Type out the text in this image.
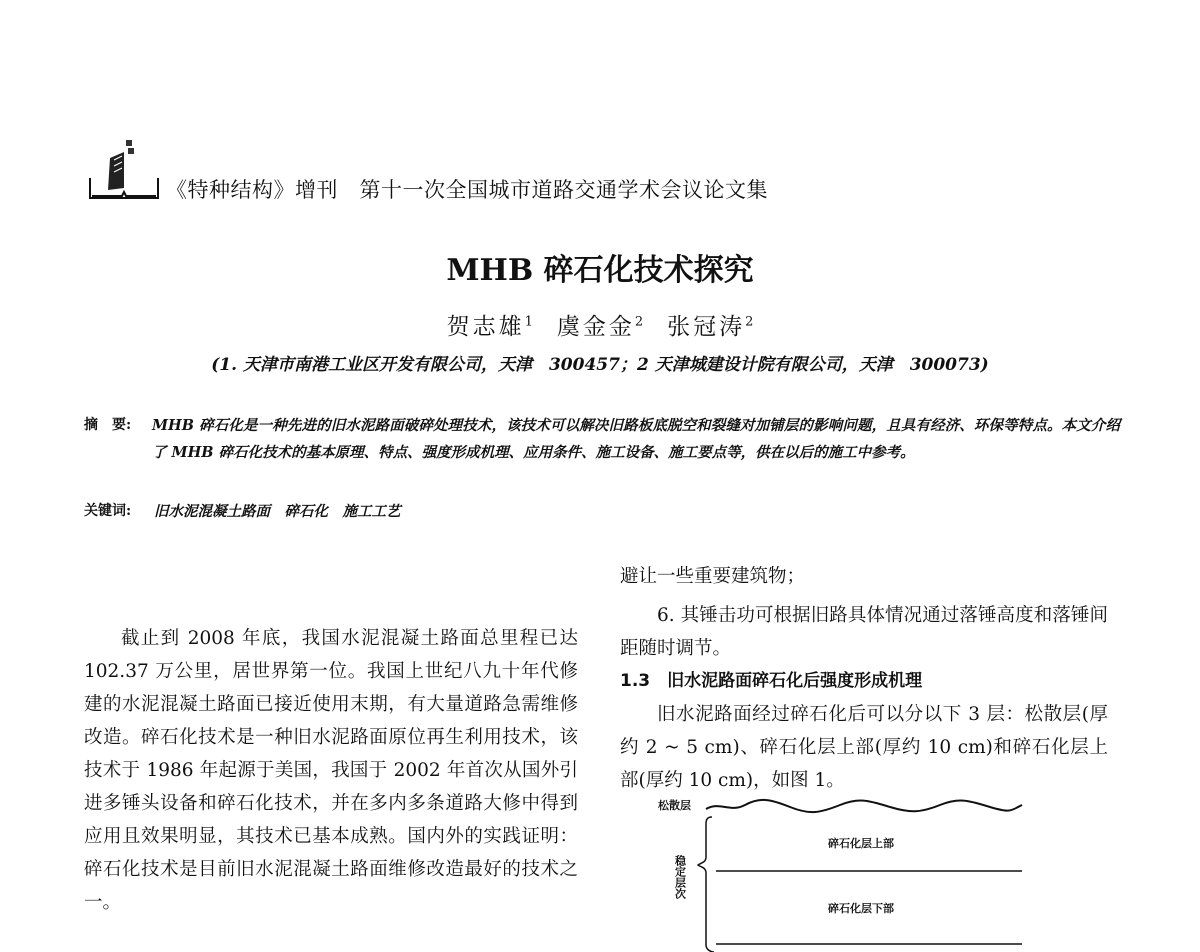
《特种结构》增刊　第十一次全国城市道路交通学术会议论文集
MHB 碎石化技术探究
贺志雄$^1$ 虞金金$^2$ 张冠涛$^2$
(1. 天津市南港工业区开发有限公司，天津　300457；2 天津城建设计院有限公司，天津　300073)
摘　要: MHB 碎石化是一种先进的旧水泥路面破碎处理技术，该技术可以解决旧路板底脱空和裂缝对加铺层的影响问题，且具有经济、环保等特点。本文介绍了 MHB 碎石化技术的基本原理、特点、强度形成机理、应用条件、施工设备、施工要点等，供在以后的施工中参考。
关键词: 旧水泥混凝土路面　碎石化　施工工艺
截止到 2008 年底，我国水泥混凝土路面总里程已达 102.37 万公里，居世界第一位。我国上世纪八九十年代修建的水泥混凝土路面已接近使用末期，有大量道路急需维修改造。碎石化技术是一种旧水泥路面原位再生利用技术，该技术于 1986 年起源于美国，我国于 2002 年首次从国外引进多锤头设备和碎石化技术，并在多内多条道路大修中得到应用且效果明显，其技术已基本成熟。国内外的实践证明：碎石化技术是目前旧水泥混凝土路面维修改造最好的技术之一。
避让一些重要建筑物；
6. 其锤击功可根据旧路具体情况通过落锤高度和落锤间距随时调节。
1.3　旧水泥路面碎石化后强度形成机理
旧水泥路面经过碎石化后可以分以下 3 层：松散层(厚约 2 ~ 5 cm)、碎石化层上部(厚约 10 cm)和碎石化层上部(厚约 10 cm)，如图 1。
松散层
碎石化层上部
碎石化层下部
稳定层次
